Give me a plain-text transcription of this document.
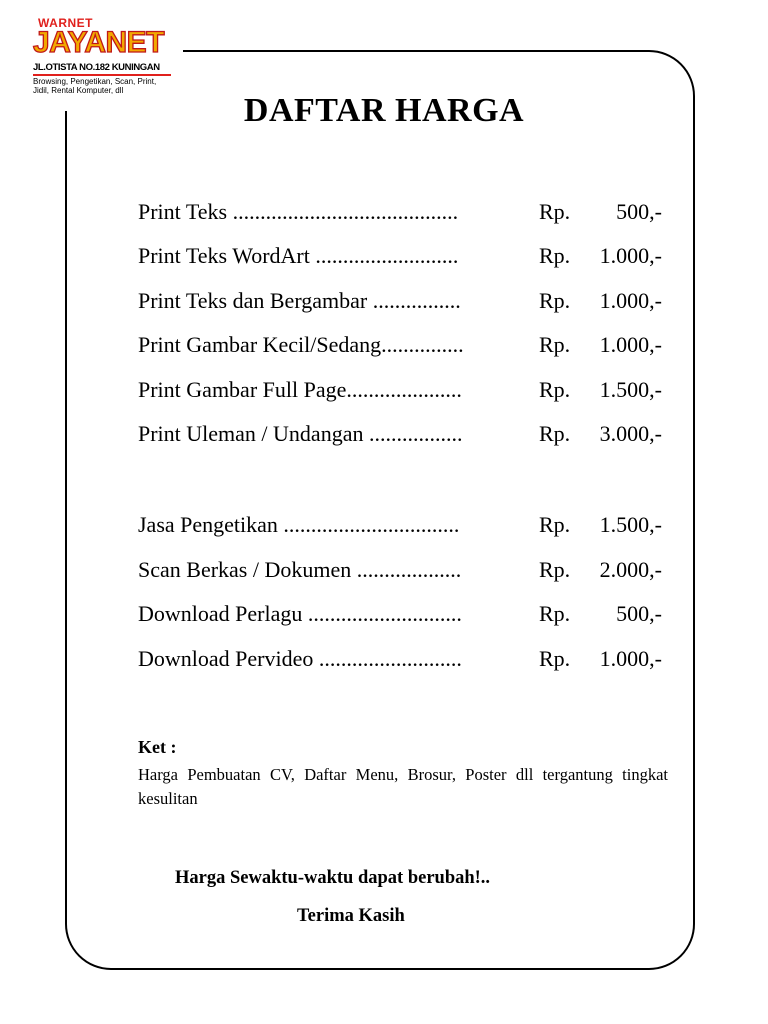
WARNET
JAYANET
JL.OTISTA NO.182 KUNINGAN
Browsing, Pengetikan, Scan, Print, Jidil, Rental Komputer, dll
DAFTAR HARGA
Print Teks .........................................	Rp. 500,-
Print Teks WordArt ..........................	Rp. 1.000,-
Print Teks dan Bergambar ................	Rp. 1.000,-
Print Gambar Kecil/Sedang...............	Rp. 1.000,-
Print Gambar Full Page.....................	Rp. 1.500,-
Print Uleman / Undangan .................	Rp. 3.000,-
Jasa Pengetikan ................................	Rp. 1.500,-
Scan Berkas / Dokumen ...................	Rp. 2.000,-
Download Perlagu ............................	Rp. 500,-
Download Pervideo ..........................	Rp. 1.000,-
Ket :
Harga Pembuatan CV, Daftar Menu, Brosur, Poster dll tergantung tingkat kesulitan
Harga Sewaktu-waktu dapat berubah!..
Terima Kasih
